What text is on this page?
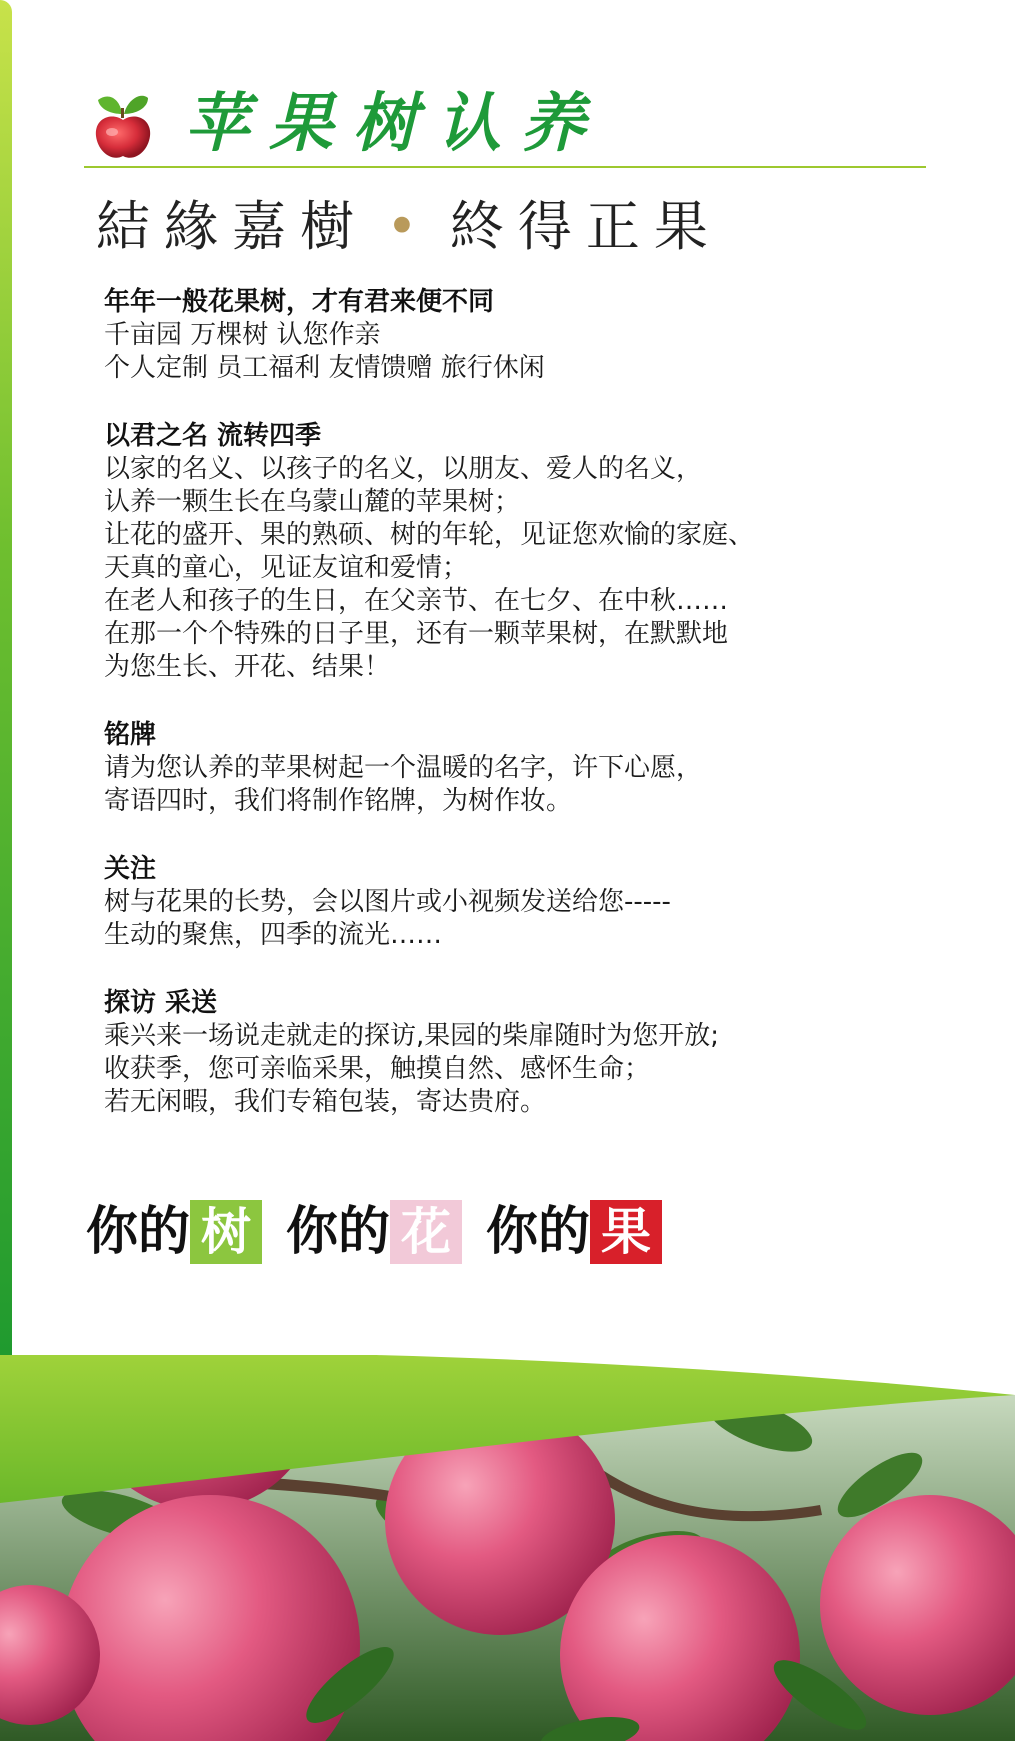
苹果树认养
結緣嘉樹 • 終得正果
年年一般花果树，才有君来便不同
千亩园 万棵树 认您作亲
个人定制 员工福利 友情馈赠 旅行休闲
以君之名 流转四季
以家的名义、以孩子的名义，以朋友、爱人的名义，
认养一颗生长在乌蒙山麓的苹果树；
让花的盛开、果的熟硕、树的年轮，见证您欢愉的家庭、
天真的童心，见证友谊和爱情；
在老人和孩子的生日，在父亲节、在七夕、在中秋……
在那一个个特殊的日子里，还有一颗苹果树，在默默地
为您生长、开花、结果！
铭牌
请为您认养的苹果树起一个温暖的名字，许下心愿，
寄语四时，我们将制作铭牌，为树作妆。
关注
树与花果的长势，会以图片或小视频发送给您-----
生动的聚焦，四季的流光……
探访 采送
乘兴来一场说走就走的探访,果园的柴扉随时为您开放;
收获季，您可亲临采果，触摸自然、感怀生命；
若无闲暇，我们专箱包装，寄达贵府。
你的 树 你的 花 你的 果
